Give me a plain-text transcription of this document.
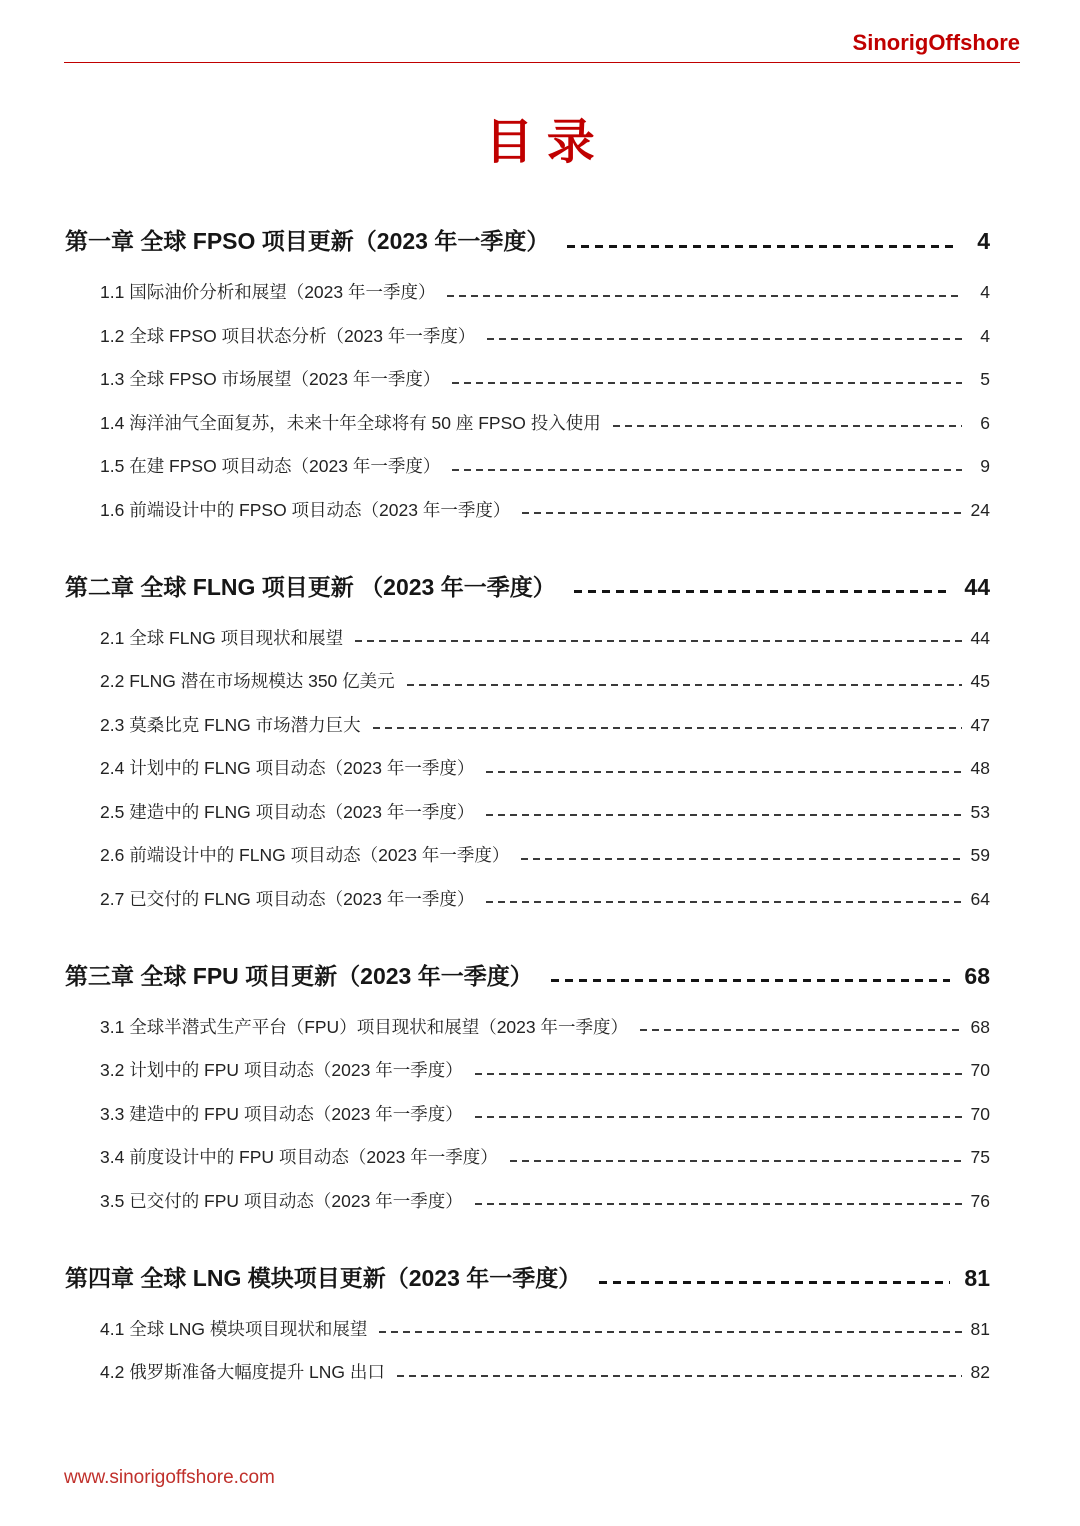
SinorigOffshore
目录
第一章 全球 FPSO 项目更新（2023 年一季度）	4
1.1 国际油价分析和展望（2023 年一季度）	4
1.2 全球 FPSO 项目状态分析（2023 年一季度）	4
1.3 全球 FPSO 市场展望（2023 年一季度）	5
1.4 海洋油气全面复苏，未来十年全球将有 50 座 FPSO 投入使用	6
1.5 在建 FPSO 项目动态（2023 年一季度）	9
1.6 前端设计中的 FPSO 项目动态（2023 年一季度）	24
第二章 全球 FLNG 项目更新 （2023 年一季度）	44
2.1 全球 FLNG 项目现状和展望	44
2.2 FLNG 潜在市场规模达 350 亿美元	45
2.3 莫桑比克 FLNG 市场潜力巨大	47
2.4 计划中的 FLNG 项目动态（2023 年一季度）	48
2.5 建造中的 FLNG 项目动态（2023 年一季度）	53
2.6 前端设计中的 FLNG 项目动态（2023 年一季度）	59
2.7 已交付的 FLNG 项目动态（2023 年一季度）	64
第三章 全球 FPU 项目更新（2023 年一季度）	68
3.1 全球半潜式生产平台（FPU）项目现状和展望（2023 年一季度）	68
3.2 计划中的 FPU 项目动态（2023 年一季度）	70
3.3 建造中的 FPU 项目动态（2023 年一季度）	70
3.4 前度设计中的 FPU 项目动态（2023 年一季度）	75
3.5 已交付的 FPU 项目动态（2023 年一季度）	76
第四章 全球 LNG 模块项目更新（2023 年一季度）	81
4.1 全球 LNG 模块项目现状和展望	81
4.2 俄罗斯准备大幅度提升 LNG 出口	82
www.sinorigoffshore.com
